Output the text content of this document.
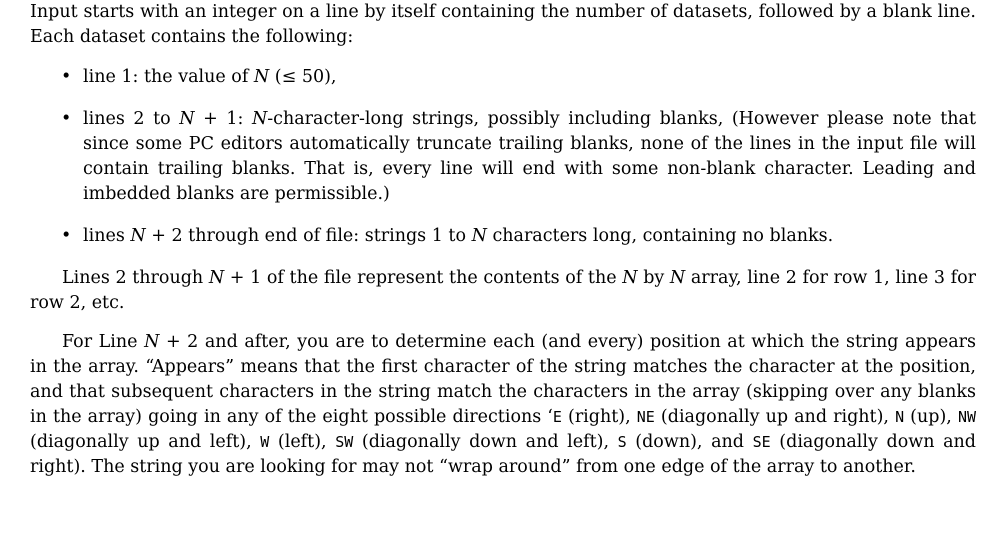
Input starts with an integer on a line by itself containing the number of datasets, followed by a blank line. Each dataset contains the following:

• line 1: the value of N (≤ 50),
• lines 2 to N + 1: N-character-long strings, possibly including blanks, (However please note that since some PC editors automatically truncate trailing blanks, none of the lines in the input file will contain trailing blanks. That is, every line will end with some non-blank character. Leading and imbedded blanks are permissible.)
• lines N + 2 through end of file: strings 1 to N characters long, containing no blanks.

Lines 2 through N + 1 of the file represent the contents of the N by N array, line 2 for row 1, line 3 for row 2, etc.

For Line N + 2 and after, you are to determine each (and every) position at which the string appears in the array. “Appears” means that the first character of the string matches the character at the position, and that subsequent characters in the string match the characters in the array (skipping over any blanks in the array) going in any of the eight possible directions ‘E (right), NE (diagonally up and right), N (up), NW (diagonally up and left), W (left), SW (diagonally down and left), S (down), and SE (diagonally down and right). The string you are looking for may not “wrap around” from one edge of the array to another.
